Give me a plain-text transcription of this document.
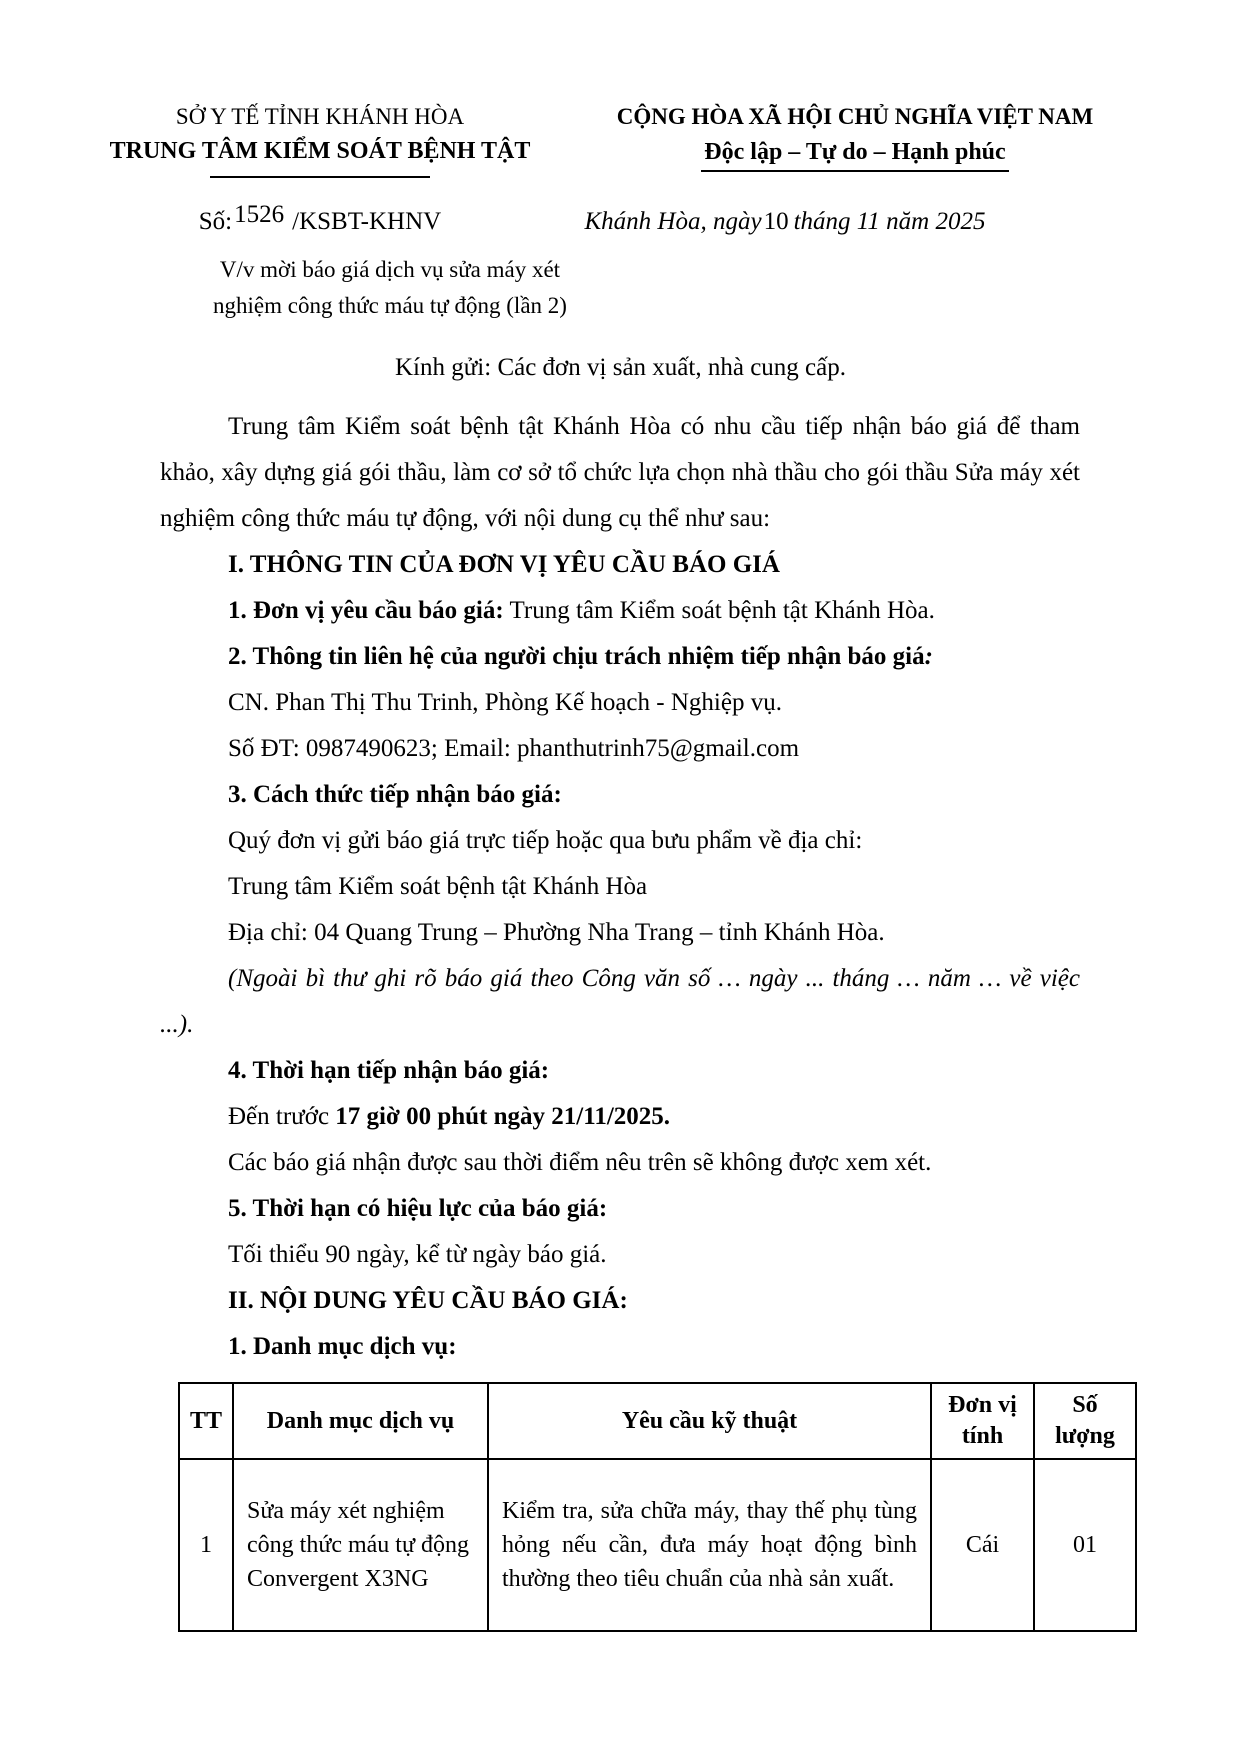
SỞ Y TẾ TỈNH KHÁNH HÒA
TRUNG TÂM KIỂM SOÁT BỆNH TẬT
CỘNG HÒA XÃ HỘI CHỦ NGHĨA VIỆT NAM
Độc lập – Tự do – Hạnh phúc
Số:1526 /KSBT-KHNV	Khánh Hòa, ngày10 tháng 11 năm 2025
V/v mời báo giá dịch vụ sửa máy xét
nghiệm công thức máu tự động (lần 2)
Kính gửi: Các đơn vị sản xuất, nhà cung cấp.

Trung tâm Kiểm soát bệnh tật Khánh Hòa có nhu cầu tiếp nhận báo giá để tham khảo, xây dựng giá gói thầu, làm cơ sở tổ chức lựa chọn nhà thầu cho gói thầu Sửa máy xét nghiệm công thức máu tự động, với nội dung cụ thể như sau:

I. THÔNG TIN CỦA ĐƠN VỊ YÊU CẦU BÁO GIÁ

1. Đơn vị yêu cầu báo giá: Trung tâm Kiểm soát bệnh tật Khánh Hòa.

2. Thông tin liên hệ của người chịu trách nhiệm tiếp nhận báo giá:

CN. Phan Thị Thu Trinh, Phòng Kế hoạch - Nghiệp vụ.

Số ĐT: 0987490623; Email: phanthutrinh75@gmail.com

3. Cách thức tiếp nhận báo giá:

Quý đơn vị gửi báo giá trực tiếp hoặc qua bưu phẩm về địa chỉ:

Trung tâm Kiểm soát bệnh tật Khánh Hòa

Địa chỉ: 04 Quang Trung – Phường Nha Trang – tỉnh Khánh Hòa.

(Ngoài bì thư ghi rõ báo giá theo Công văn số … ngày ... tháng … năm … về việc ...).

4. Thời hạn tiếp nhận báo giá:

Đến trước 17 giờ 00 phút ngày 21/11/2025.

Các báo giá nhận được sau thời điểm nêu trên sẽ không được xem xét.

5. Thời hạn có hiệu lực của báo giá:

Tối thiểu 90 ngày, kể từ ngày báo giá.

II. NỘI DUNG YÊU CẦU BÁO GIÁ:

1. Danh mục dịch vụ:

TT	Danh mục dịch vụ	Yêu cầu kỹ thuật	Đơn vị tính	Số lượng
1	Sửa máy xét nghiệm công thức máu tự động Convergent X3NG	Kiểm tra, sửa chữa máy, thay thế phụ tùng hỏng nếu cần, đưa máy hoạt động bình thường theo tiêu chuẩn của nhà sản xuất.	Cái	01
